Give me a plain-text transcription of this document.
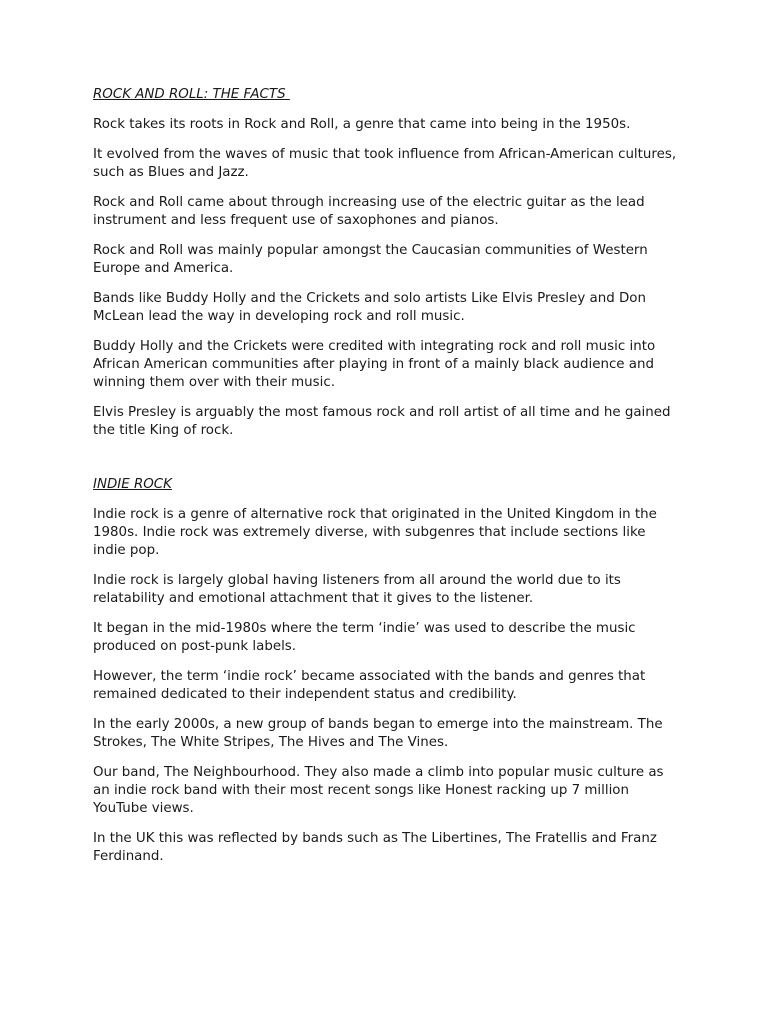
ROCK AND ROLL: THE FACTS

Rock takes its roots in Rock and Roll, a genre that came into being in the 1950s.

It evolved from the waves of music that took influence from African-American cultures, such as Blues and Jazz.

Rock and Roll came about through increasing use of the electric guitar as the lead instrument and less frequent use of saxophones and pianos.

Rock and Roll was mainly popular amongst the Caucasian communities of Western Europe and America.

Bands like Buddy Holly and the Crickets and solo artists Like Elvis Presley and Don McLean lead the way in developing rock and roll music.

Buddy Holly and the Crickets were credited with integrating rock and roll music into African American communities after playing in front of a mainly black audience and winning them over with their music.

Elvis Presley is arguably the most famous rock and roll artist of all time and he gained the title King of rock.

INDIE ROCK

Indie rock is a genre of alternative rock that originated in the United Kingdom in the 1980s. Indie rock was extremely diverse, with subgenres that include sections like indie pop.

Indie rock is largely global having listeners from all around the world due to its relatability and emotional attachment that it gives to the listener.

It began in the mid-1980s where the term ‘indie’ was used to describe the music produced on post-punk labels.

However, the term ‘indie rock’ became associated with the bands and genres that remained dedicated to their independent status and credibility.

In the early 2000s, a new group of bands began to emerge into the mainstream. The Strokes, The White Stripes, The Hives and The Vines.

Our band, The Neighbourhood. They also made a climb into popular music culture as an indie rock band with their most recent songs like Honest racking up 7 million YouTube views.

In the UK this was reflected by bands such as The Libertines, The Fratellis and Franz Ferdinand.
